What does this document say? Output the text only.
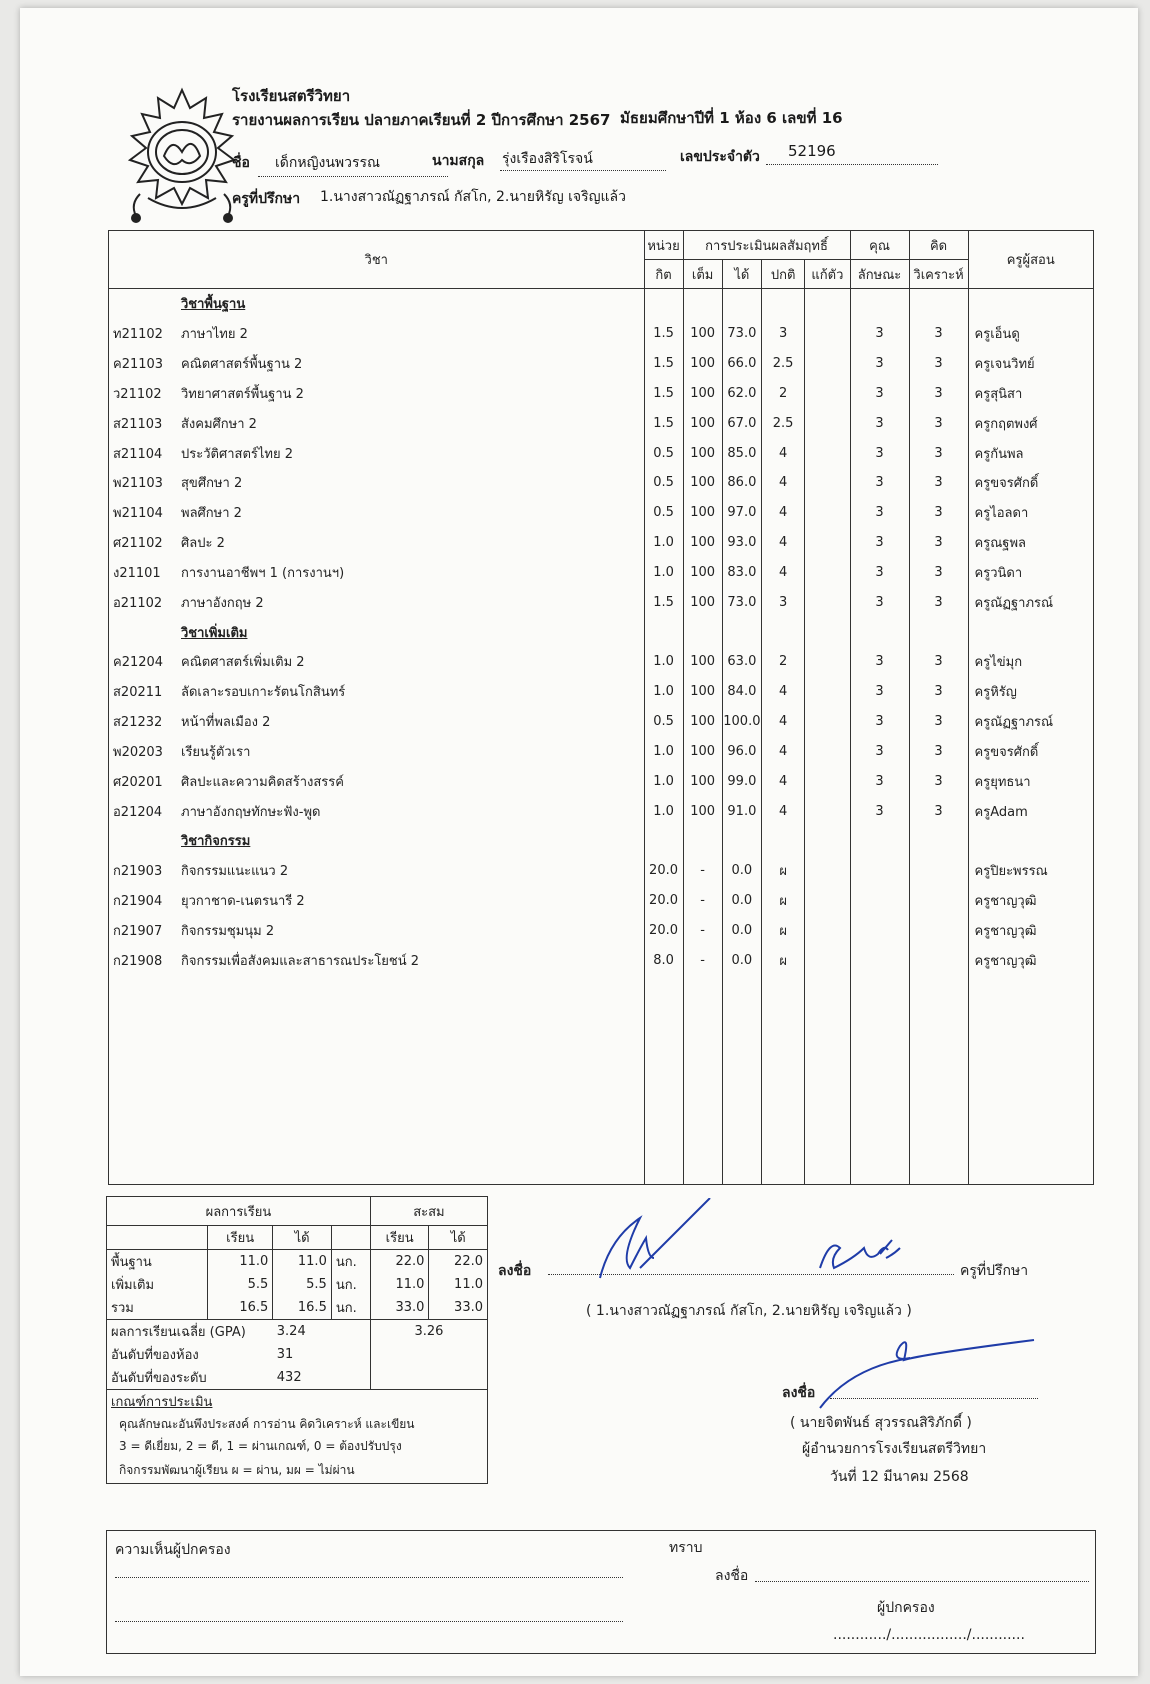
โรงเรียนสตรีวิทยา
รายงานผลการเรียน ปลายภาคเรียนที่ 2 ปีการศึกษา 2567 มัธยมศึกษาปีที่ 1 ห้อง 6 เลขที่ 16
ชื่อ เด็กหญิงนพวรรณ	นามสกุล รุ่งเรืองสิริโรจน์	เลขประจำตัว 52196
ครูที่ปรึกษา 1.นางสาวณัฏฐาภรณ์ กัสโก, 2.นายหิรัญ เจริญแล้ว
วิชา		หน่วย	การประเมินผลสัมฤทธิ์				คุณ	คิด	ครูผู้สอน
		กิต	เต็ม	ได้	ปกติ	แก้ตัว	ลักษณะ	วิเคราะห์	
	วิชาพื้นฐาน								
ท21102	ภาษาไทย 2	1.5	100	73.0	3		3	3	ครูเอ็นดู
ค21103	คณิตศาสตร์พื้นฐาน 2	1.5	100	66.0	2.5		3	3	ครูเจนวิทย์
ว21102	วิทยาศาสตร์พื้นฐาน 2	1.5	100	62.0	2		3	3	ครูสุนิสา
ส21103	สังคมศึกษา 2	1.5	100	67.0	2.5		3	3	ครูกฤตพงศ์
ส21104	ประวัติศาสตร์ไทย 2	0.5	100	85.0	4		3	3	ครูกันพล
พ21103	สุขศึกษา 2	0.5	100	86.0	4		3	3	ครูขจรศักดิ์
พ21104	พลศึกษา 2	0.5	100	97.0	4		3	3	ครูไอลดา
ศ21102	ศิลปะ 2	1.0	100	93.0	4		3	3	ครูณฐพล
ง21101	การงานอาชีพฯ 1 (การงานฯ)	1.0	100	83.0	4		3	3	ครูวนิดา
อ21102	ภาษาอังกฤษ 2	1.5	100	73.0	3		3	3	ครูณัฏฐาภรณ์
	วิชาเพิ่มเติม								
ค21204	คณิตศาสตร์เพิ่มเติม 2	1.0	100	63.0	2		3	3	ครูไข่มุก
ส20211	ลัดเลาะรอบเกาะรัตนโกสินทร์	1.0	100	84.0	4		3	3	ครูหิรัญ
ส21232	หน้าที่พลเมือง 2	0.5	100	100.0	4		3	3	ครูณัฏฐาภรณ์
พ20203	เรียนรู้ตัวเรา	1.0	100	96.0	4		3	3	ครูขจรศักดิ์
ศ20201	ศิลปะและความคิดสร้างสรรค์	1.0	100	99.0	4		3	3	ครูยุทธนา
อ21204	ภาษาอังกฤษทักษะฟัง-พูด	1.0	100	91.0	4		3	3	ครูAdam
	วิชากิจกรรม								
ก21903	กิจกรรมแนะแนว 2	20.0	-	0.0	ผ				ครูปิยะพรรณ
ก21904	ยุวกาชาด-เนตรนารี 2	20.0	-	0.0	ผ				ครูชาญวุฒิ
ก21907	กิจกรรมชุมนุม 2	20.0	-	0.0	ผ				ครูชาญวุฒิ
ก21908	กิจกรรมเพื่อสังคมและสาธารณประโยชน์ 2	8.0	-	0.0	ผ				ครูชาญวุฒิ

ผลการเรียน				สะสม	
	เรียน	ได้		เรียน	ได้
พื้นฐาน	11.0	11.0	นก.	22.0	22.0
เพิ่มเติม	5.5	5.5	นก.	11.0	11.0
รวม	16.5	16.5	นก.	33.0	33.0
ผลการเรียนเฉลี่ย (GPA)		3.24		3.26	
อันดับที่ของห้อง		31			
อันดับที่ของระดับ		432			
เกณฑ์การประเมิน					
คุณลักษณะอันพึงประสงค์ การอ่าน คิดวิเคราะห์ และเขียน					
3 = ดีเยี่ยม, 2 = ดี, 1 = ผ่านเกณฑ์, 0 = ต้องปรับปรุง					
กิจกรรมพัฒนาผู้เรียน ผ = ผ่าน, มผ = ไม่ผ่าน					
ลงชื่อ	ครูที่ปรึกษา
( 1.นางสาวณัฏฐาภรณ์ กัสโก, 2.นายหิรัญ เจริญแล้ว )
ลงชื่อ
( นายจิตพันธ์ สุวรรณสิริภักดี์ )
ผู้อำนวยการโรงเรียนสตรีวิทยา
วันที่ 12 มีนาคม 2568
ความเห็นผู้ปกครอง	ทราบ
ลงชื่อ
ผู้ปกครอง
............/................./............
